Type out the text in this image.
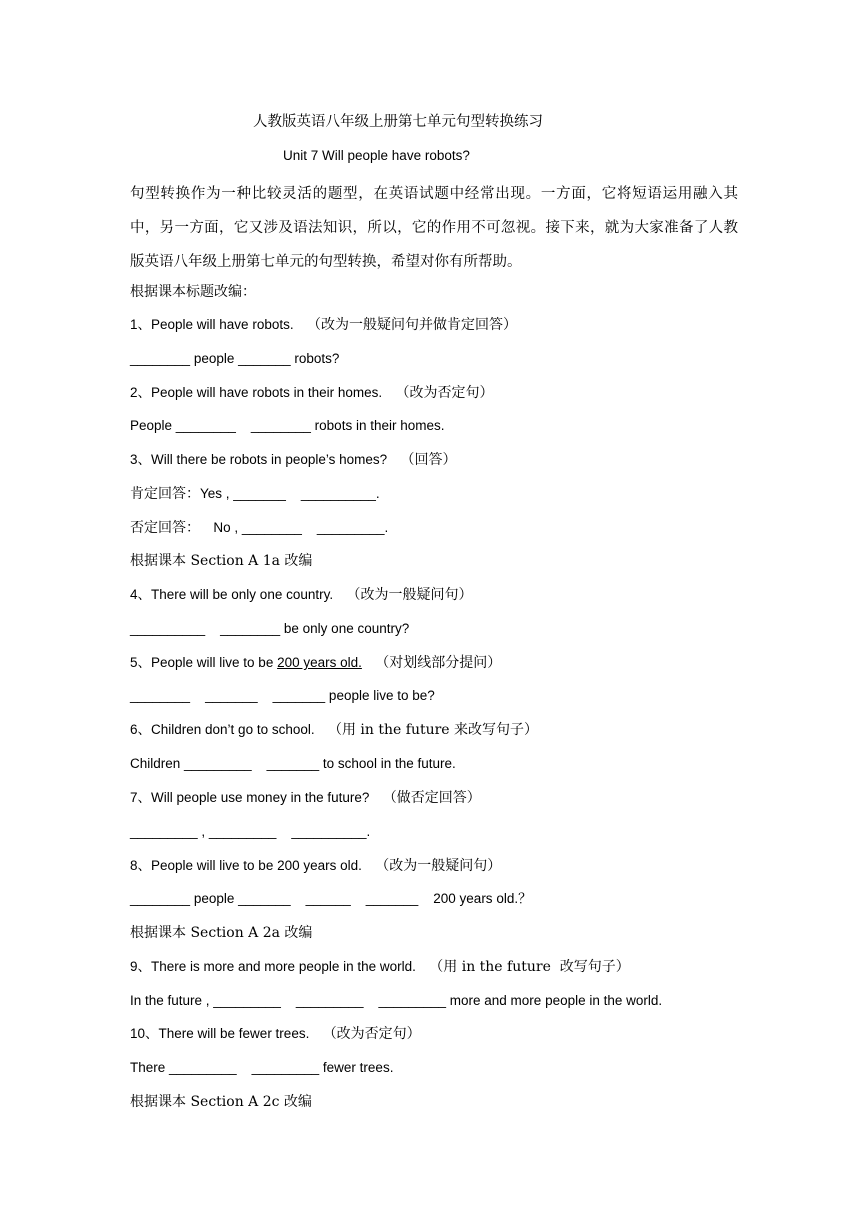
人教版英语八年级上册第七单元句型转换练习
Unit 7 Will people have robots?
句型转换作为一种比较灵活的题型，在英语试题中经常出现。一方面，它将短语运用融入其中，另一方面，它又涉及语法知识，所以，它的作用不可忽视。接下来，就为大家准备了人教版英语八年级上册第七单元的句型转换，希望对你有所帮助。
根据课本标题改编：
1、People will have robots. （改为一般疑问句并做肯定回答）
________ people _______ robots?
2、People will have robots in their homes. （改为否定句）
People ________    ________ robots in their homes.
3、Will there be robots in people’s homes? （回答）
肯定回答：Yes , _______    __________.
否定回答： No , ________    _________.
根据课本 Section A 1a 改编
4、There will be only one country. （改为一般疑问句）
__________    ________ be only one country?
5、People will live to be 200 years old. （对划线部分提问）
________    _______    _______ people live to be?
6、Children don’t go to school. （用 in the future 来改写句子）
Children _________    _______ to school in the future.
7、Will people use money in the future? （做否定回答）
_________ , _________    __________.
8、People will live to be 200 years old. （改为一般疑问句）
________ people _______    ______    _______    200 years old.？
根据课本 Section A 2a 改编
9、There is more and more people in the world. （用 in the future  改写句子）
In the future , _________    _________    _________ more and more people in the world.
10、There will be fewer trees. （改为否定句）
There _________    _________ fewer trees.
根据课本 Section A 2c 改编
